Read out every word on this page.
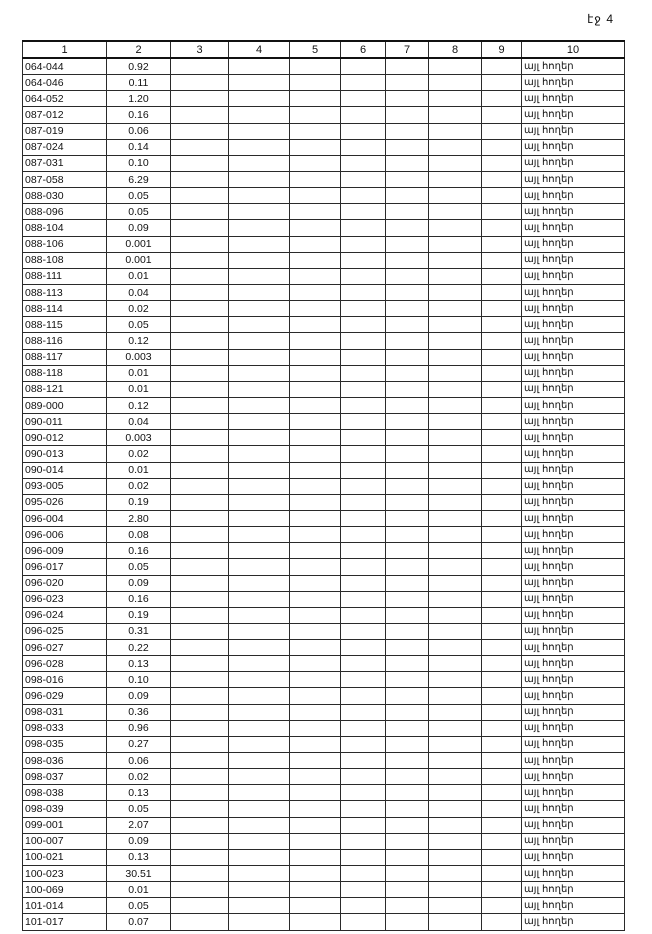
էջ 4
1	2	3	4	5	6	7	8	9	10
064-044	0.92								այլ հողեր
064-046	0.11								այլ հողեր
064-052	1.20								այլ հողեր
087-012	0.16								այլ հողեր
087-019	0.06								այլ հողեր
087-024	0.14								այլ հողեր
087-031	0.10								այլ հողեր
087-058	6.29								այլ հողեր
088-030	0.05								այլ հողեր
088-096	0.05								այլ հողեր
088-104	0.09								այլ հողեր
088-106	0.001								այլ հողեր
088-108	0.001								այլ հողեր
088-111	0.01								այլ հողեր
088-113	0.04								այլ հողեր
088-114	0.02								այլ հողեր
088-115	0.05								այլ հողեր
088-116	0.12								այլ հողեր
088-117	0.003								այլ հողեր
088-118	0.01								այլ հողեր
088-121	0.01								այլ հողեր
089-000	0.12								այլ հողեր
090-011	0.04								այլ հողեր
090-012	0.003								այլ հողեր
090-013	0.02								այլ հողեր
090-014	0.01								այլ հողեր
093-005	0.02								այլ հողեր
095-026	0.19								այլ հողեր
096-004	2.80								այլ հողեր
096-006	0.08								այլ հողեր
096-009	0.16								այլ հողեր
096-017	0.05								այլ հողեր
096-020	0.09								այլ հողեր
096-023	0.16								այլ հողեր
096-024	0.19								այլ հողեր
096-025	0.31								այլ հողեր
096-027	0.22								այլ հողեր
096-028	0.13								այլ հողեր
098-016	0.10								այլ հողեր
096-029	0.09								այլ հողեր
098-031	0.36								այլ հողեր
098-033	0.96								այլ հողեր
098-035	0.27								այլ հողեր
098-036	0.06								այլ հողեր
098-037	0.02								այլ հողեր
098-038	0.13								այլ հողեր
098-039	0.05								այլ հողեր
099-001	2.07								այլ հողեր
100-007	0.09								այլ հողեր
100-021	0.13								այլ հողեր
100-023	30.51								այլ հողեր
100-069	0.01								այլ հողեր
101-014	0.05								այլ հողեր
101-017	0.07								այլ հողեր
